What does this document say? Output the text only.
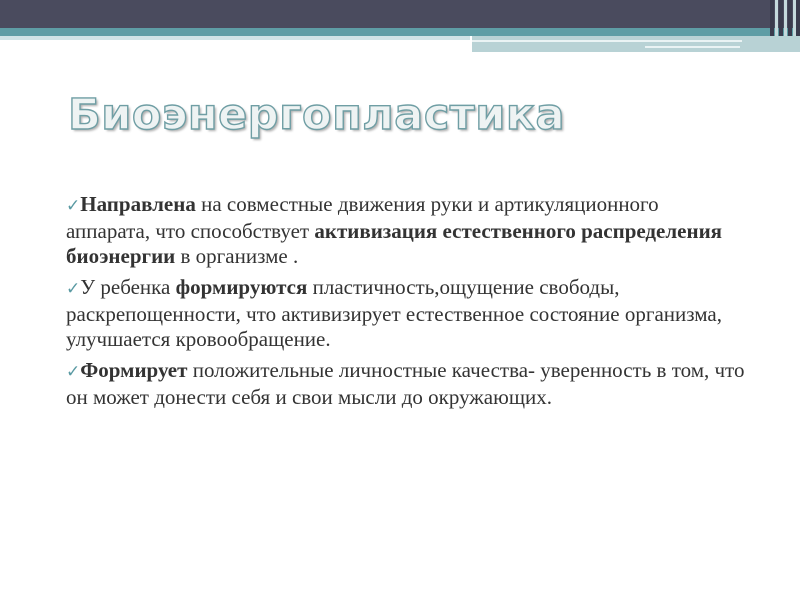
Биоэнергопластика

✓Направлена на совместные движения руки и артикуляционного аппарата, что способствует активизация естественного распределения биоэнергии в организме .

✓У ребенка формируются пластичность,ощущение свободы, раскрепощенности, что активизирует естественное состояние организма, улучшается кровообращение.

✓Формирует положительные личностные качества- уверенность в том, что он может донести себя и свои мысли до окружающих.
